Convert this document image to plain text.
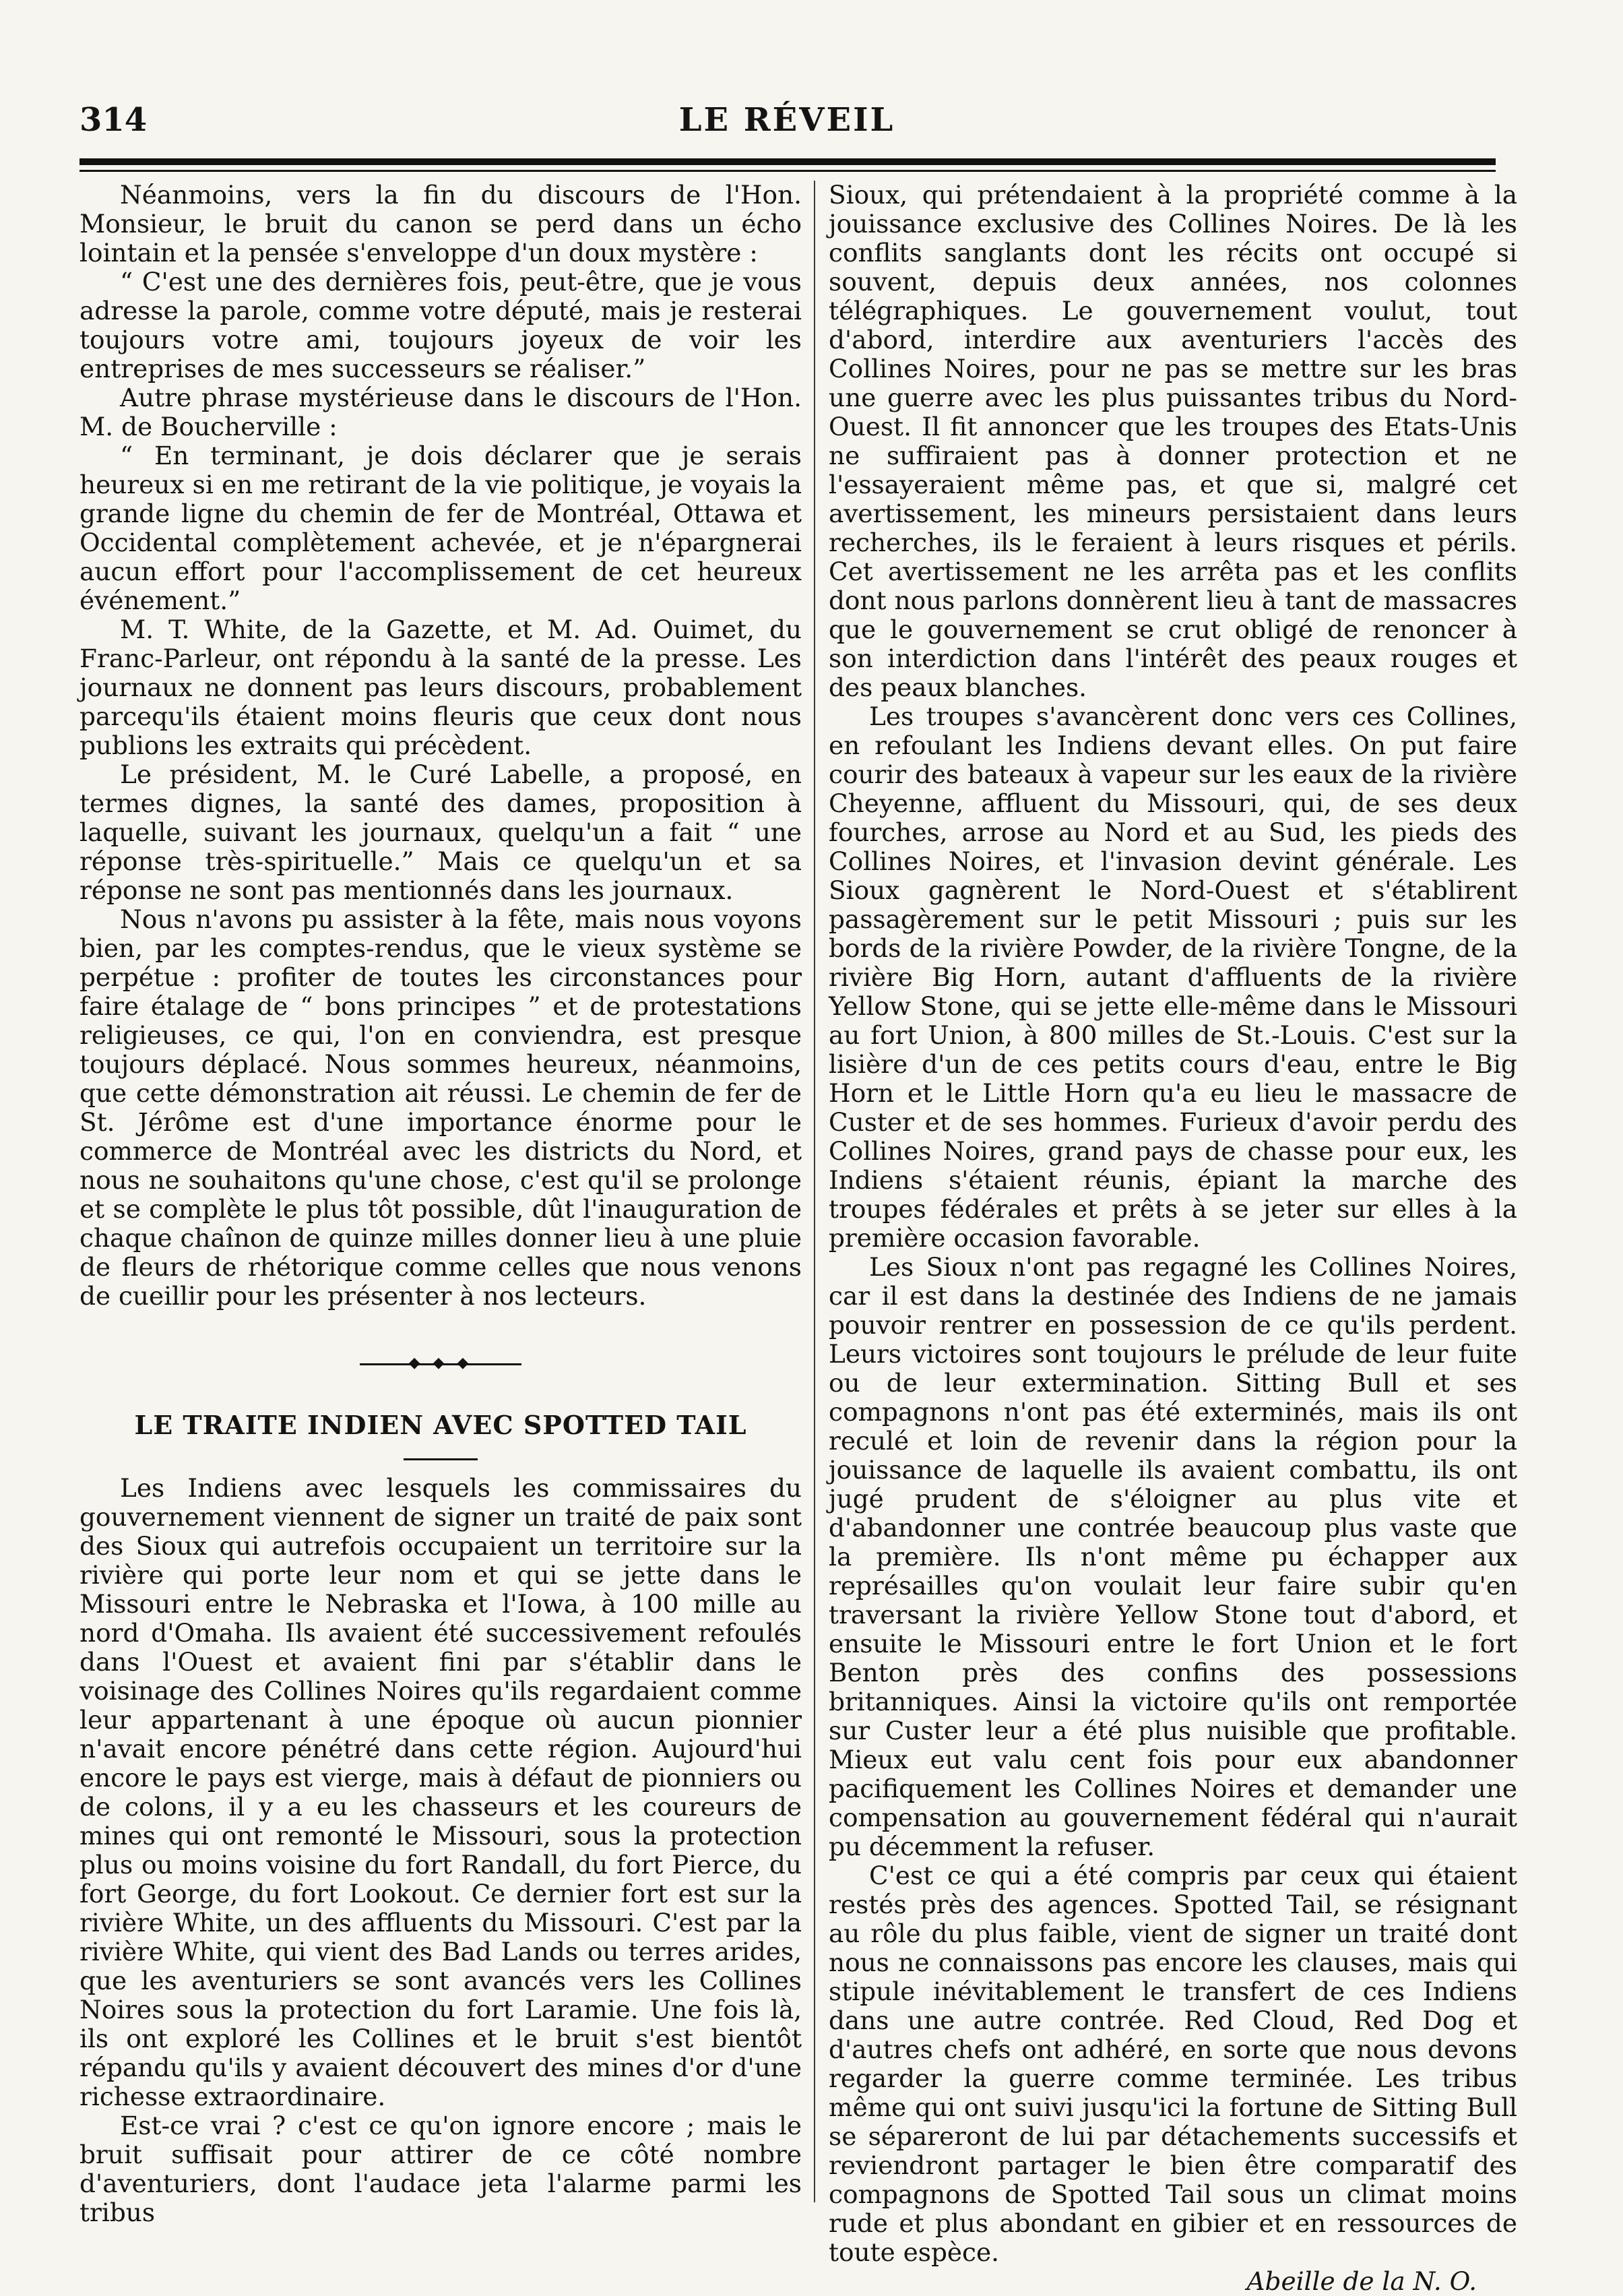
314	LE RÉVEIL

Néanmoins, vers la fin du discours de l'Hon. Monsieur, le bruit du canon se perd dans un écho lointain et la pensée s'enveloppe d'un doux mystère :

“ C'est une des dernières fois, peut-être, que je vous adresse la parole, comme votre député, mais je resterai toujours votre ami, toujours joyeux de voir les entreprises de mes successeurs se réaliser.”

Autre phrase mystérieuse dans le discours de l'Hon. M. de Boucherville :

“ En terminant, je dois déclarer que je serais heureux si en me retirant de la vie politique, je voyais la grande ligne du chemin de fer de Montréal, Ottawa et Occidental complètement achevée, et je n'épargnerai aucun effort pour l'accomplissement de cet heureux événement.”

M. T. White, de la Gazette, et M. Ad. Ouimet, du Franc-Parleur, ont répondu à la santé de la presse. Les journaux ne donnent pas leurs discours, probablement parcequ'ils étaient moins fleuris que ceux dont nous publions les extraits qui précèdent.

Le président, M. le Curé Labelle, a proposé, en termes dignes, la santé des dames, proposition à laquelle, suivant les journaux, quelqu'un a fait “ une réponse très-spirituelle.” Mais ce quelqu'un et sa réponse ne sont pas mentionnés dans les journaux.

Nous n'avons pu assister à la fête, mais nous voyons bien, par les comptes-rendus, que le vieux système se perpétue : profiter de toutes les circonstances pour faire étalage de “ bons principes ” et de protestations religieuses, ce qui, l'on en conviendra, est presque toujours déplacé. Nous sommes heureux, néanmoins, que cette démonstration ait réussi. Le chemin de fer de St. Jérôme est d'une importance énorme pour le commerce de Montréal avec les districts du Nord, et nous ne souhaitons qu'une chose, c'est qu'il se prolonge et se complète le plus tôt possible, dût l'inauguration de chaque chaînon de quinze milles donner lieu à une pluie de fleurs de rhétorique comme celles que nous venons de cueillir pour les présenter à nos lecteurs.

◆ ◆ ◆

LE TRAITE INDIEN AVEC SPOTTED TAIL

Les Indiens avec lesquels les commissaires du gouvernement viennent de signer un traité de paix sont des Sioux qui autrefois occupaient un territoire sur la rivière qui porte leur nom et qui se jette dans le Missouri entre le Nebraska et l'Iowa, à 100 mille au nord d'Omaha. Ils avaient été successivement refoulés dans l'Ouest et avaient fini par s'établir dans le voisinage des Collines Noires qu'ils regardaient comme leur appartenant à une époque où aucun pionnier n'avait encore pénétré dans cette région. Aujourd'hui encore le pays est vierge, mais à défaut de pionniers ou de colons, il y a eu les chasseurs et les coureurs de mines qui ont remonté le Missouri, sous la protection plus ou moins voisine du fort Randall, du fort Pierce, du fort George, du fort Lookout. Ce dernier fort est sur la rivière White, un des affluents du Missouri. C'est par la rivière White, qui vient des Bad Lands ou terres arides, que les aventuriers se sont avancés vers les Collines Noires sous la protection du fort Laramie. Une fois là, ils ont exploré les Collines et le bruit s'est bientôt répandu qu'ils y avaient découvert des mines d'or d'une richesse extraordinaire.

Est-ce vrai ? c'est ce qu'on ignore encore ; mais le bruit suffisait pour attirer de ce côté nombre d'aventuriers, dont l'audace jeta l'alarme parmi les tribus

Sioux, qui prétendaient à la propriété comme à la jouissance exclusive des Collines Noires. De là les conflits sanglants dont les récits ont occupé si souvent, depuis deux années, nos colonnes télégraphiques. Le gouvernement voulut, tout d'abord, interdire aux aventuriers l'accès des Collines Noires, pour ne pas se mettre sur les bras une guerre avec les plus puissantes tribus du Nord-Ouest. Il fit annoncer que les troupes des Etats-Unis ne suffiraient pas à donner protection et ne l'essayeraient même pas, et que si, malgré cet avertissement, les mineurs persistaient dans leurs recherches, ils le feraient à leurs risques et périls. Cet avertissement ne les arrêta pas et les conflits dont nous parlons donnèrent lieu à tant de massacres que le gouvernement se crut obligé de renoncer à son interdiction dans l'intérêt des peaux rouges et des peaux blanches.

Les troupes s'avancèrent donc vers ces Collines, en refoulant les Indiens devant elles. On put faire courir des bateaux à vapeur sur les eaux de la rivière Cheyenne, affluent du Missouri, qui, de ses deux fourches, arrose au Nord et au Sud, les pieds des Collines Noires, et l'invasion devint générale. Les Sioux gagnèrent le Nord-Ouest et s'établirent passagèrement sur le petit Missouri ; puis sur les bords de la rivière Powder, de la rivière Tongne, de la rivière Big Horn, autant d'affluents de la rivière Yellow Stone, qui se jette elle-même dans le Missouri au fort Union, à 800 milles de St.-Louis. C'est sur la lisière d'un de ces petits cours d'eau, entre le Big Horn et le Little Horn qu'a eu lieu le massacre de Custer et de ses hommes. Furieux d'avoir perdu des Collines Noires, grand pays de chasse pour eux, les Indiens s'étaient réunis, épiant la marche des troupes fédérales et prêts à se jeter sur elles à la première occasion favorable.

Les Sioux n'ont pas regagné les Collines Noires, car il est dans la destinée des Indiens de ne jamais pouvoir rentrer en possession de ce qu'ils perdent. Leurs victoires sont toujours le prélude de leur fuite ou de leur extermination. Sitting Bull et ses compagnons n'ont pas été exterminés, mais ils ont reculé et loin de revenir dans la région pour la jouissance de laquelle ils avaient combattu, ils ont jugé prudent de s'éloigner au plus vite et d'abandonner une contrée beaucoup plus vaste que la première. Ils n'ont même pu échapper aux représailles qu'on voulait leur faire subir qu'en traversant la rivière Yellow Stone tout d'abord, et ensuite le Missouri entre le fort Union et le fort Benton près des confins des possessions britanniques. Ainsi la victoire qu'ils ont remportée sur Custer leur a été plus nuisible que profitable. Mieux eut valu cent fois pour eux abandonner pacifiquement les Collines Noires et demander une compensation au gouvernement fédéral qui n'aurait pu décemment la refuser.

C'est ce qui a été compris par ceux qui étaient restés près des agences. Spotted Tail, se résignant au rôle du plus faible, vient de signer un traité dont nous ne connaissons pas encore les clauses, mais qui stipule inévitablement le transfert de ces Indiens dans une autre contrée. Red Cloud, Red Dog et d'autres chefs ont adhéré, en sorte que nous devons regarder la guerre comme terminée. Les tribus même qui ont suivi jusqu'ici la fortune de Sitting Bull se sépareront de lui par détachements successifs et reviendront partager le bien être comparatif des compagnons de Spotted Tail sous un climat moins rude et plus abondant en gibier et en ressources de toute espèce.

Abeille de la N. O.
